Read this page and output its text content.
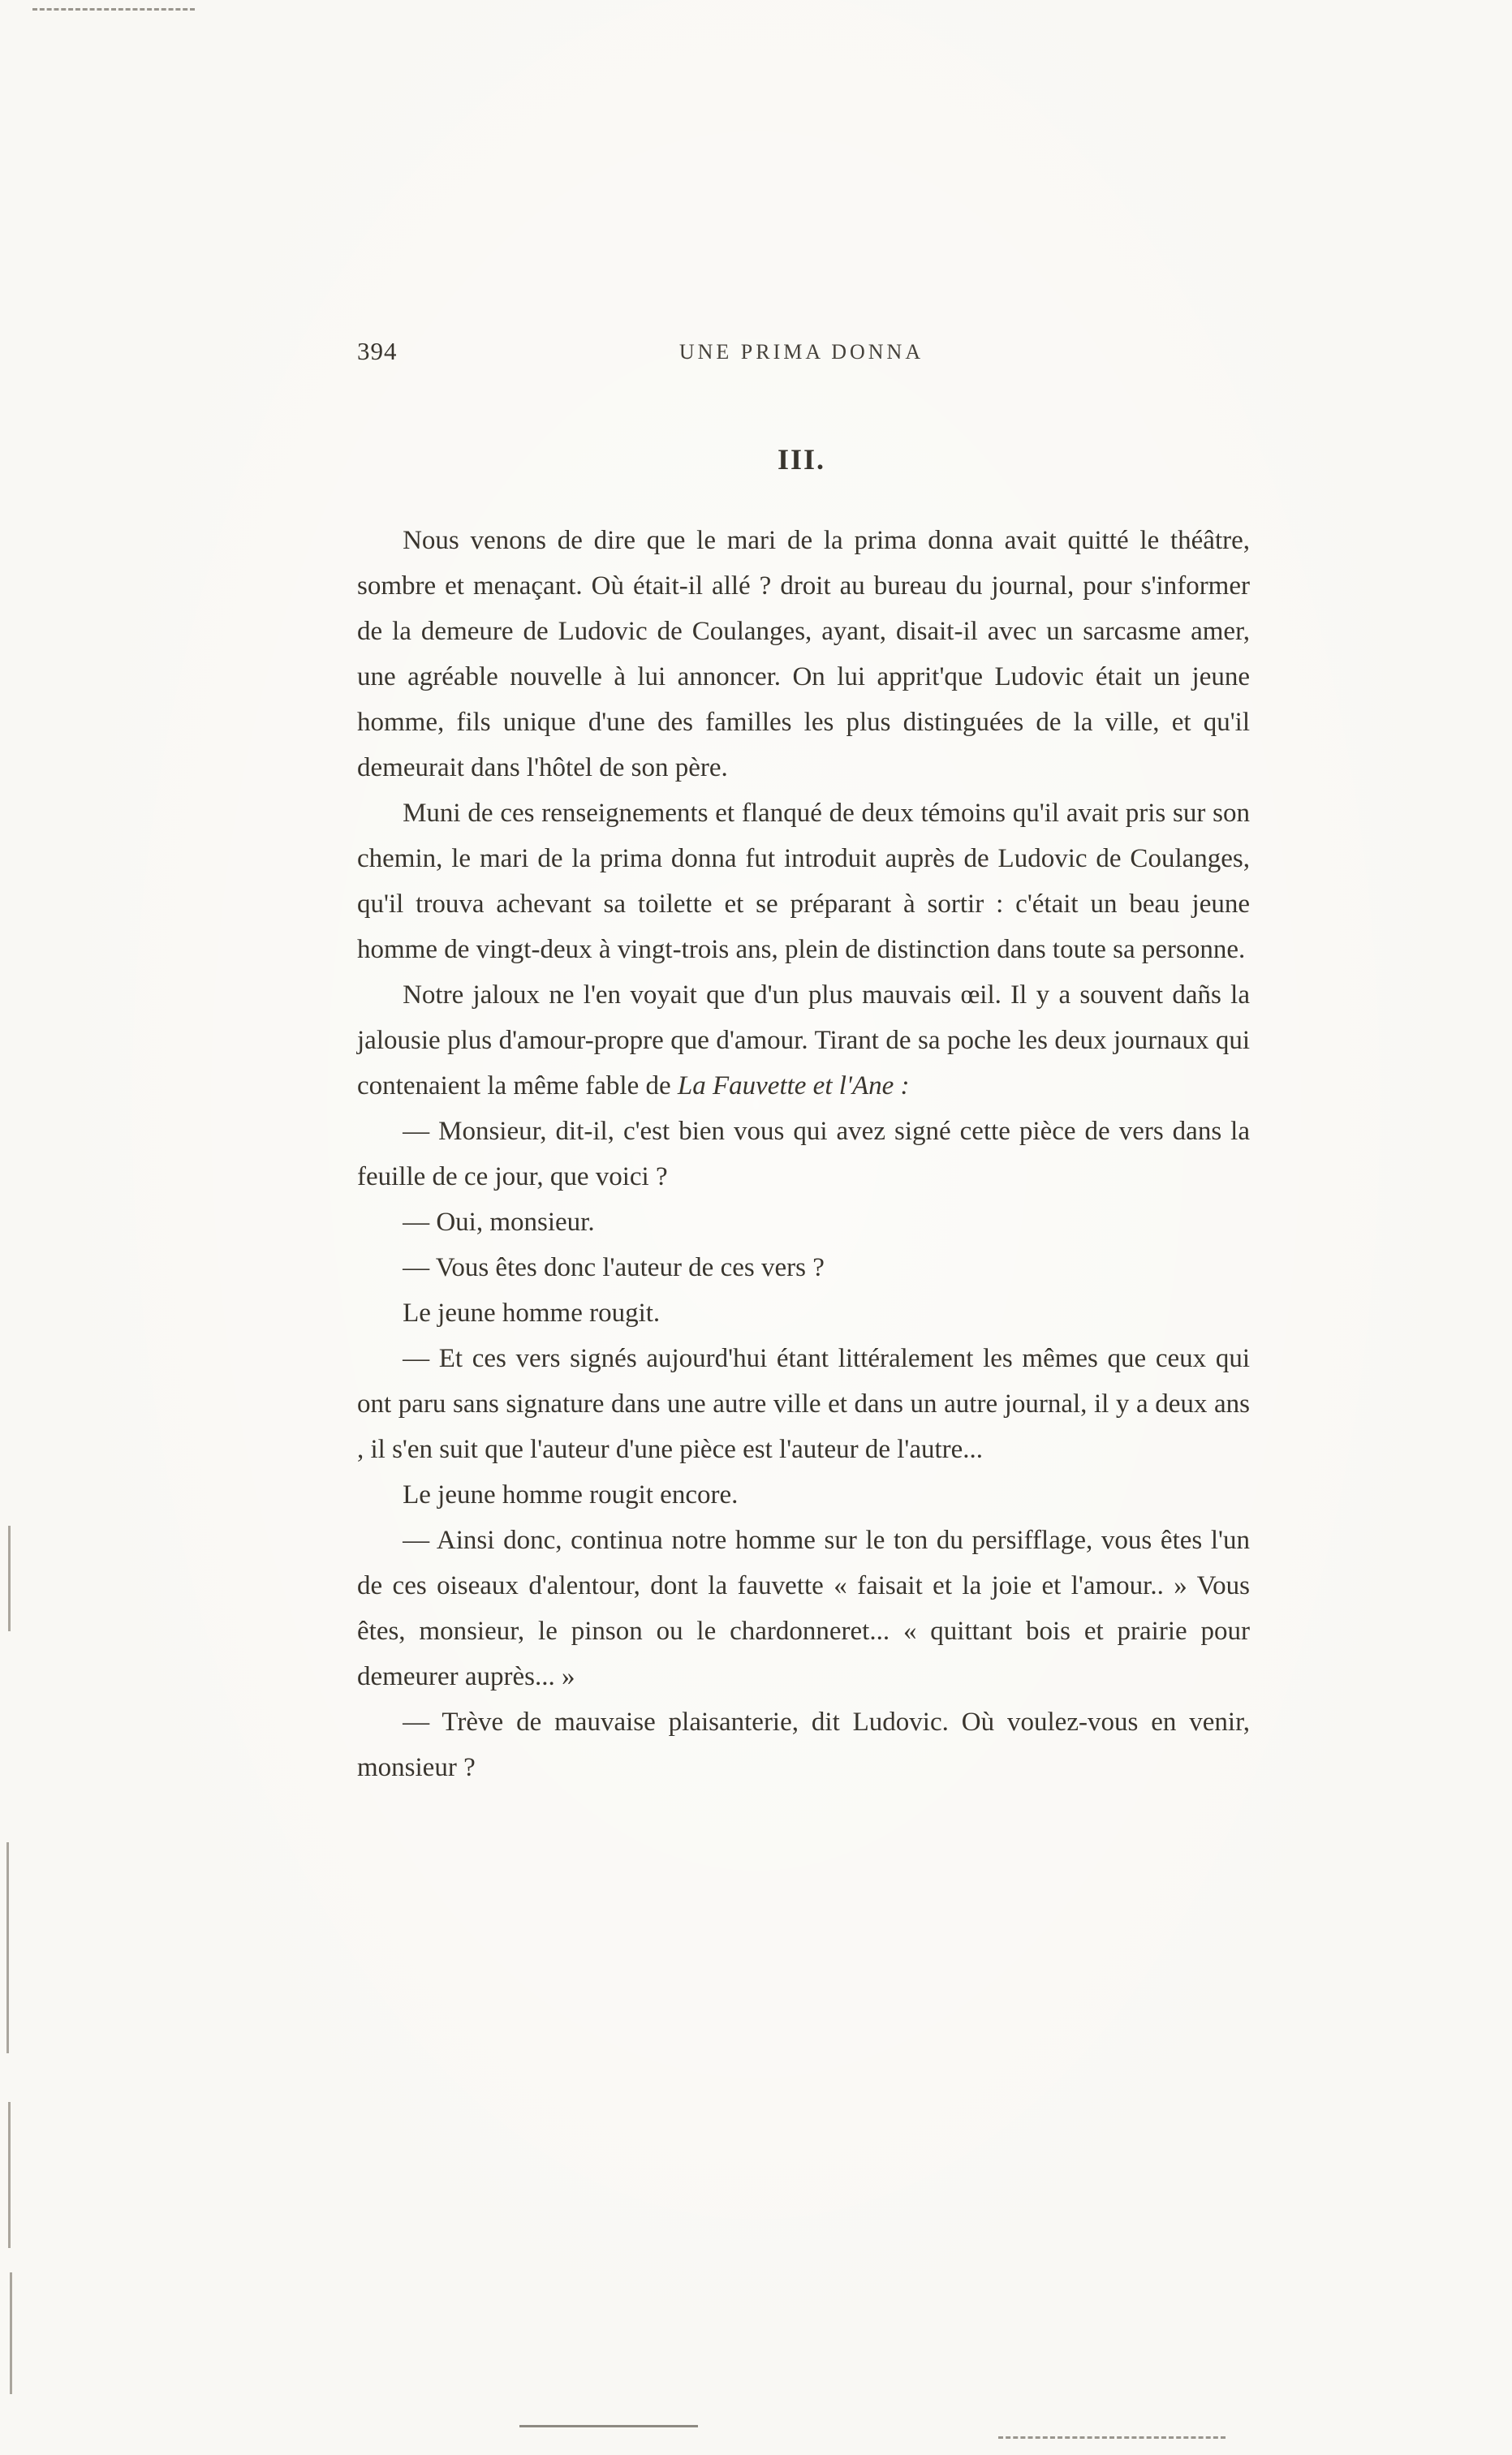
394	UNE PRIMA DONNA
III.

Nous venons de dire que le mari de la prima donna avait quitté le théâtre, sombre et menaçant. Où était-il allé ? droit au bureau du journal, pour s'informer de la demeure de Ludovic de Coulanges, ayant, disait-il avec un sarcasme amer, une agréable nouvelle à lui annoncer. On lui apprit'que Ludovic était un jeune homme, fils unique d'une des familles les plus distinguées de la ville, et qu'il demeurait dans l'hôtel de son père.

Muni de ces renseignements et flanqué de deux témoins qu'il avait pris sur son chemin, le mari de la prima donna fut introduit auprès de Ludovic de Coulanges, qu'il trouva achevant sa toilette et se préparant à sortir : c'était un beau jeune homme de vingt-deux à vingt-trois ans, plein de distinction dans toute sa personne.

Notre jaloux ne l'en voyait que d'un plus mauvais œil. Il y a souvent dañs la jalousie plus d'amour-propre que d'amour. Tirant de sa poche les deux journaux qui contenaient la même fable de La Fauvette et l'Ane :

— Monsieur, dit-il, c'est bien vous qui avez signé cette pièce de vers dans la feuille de ce jour, que voici ?

— Oui, monsieur.

— Vous êtes donc l'auteur de ces vers ?

Le jeune homme rougit.

— Et ces vers signés aujourd'hui étant littéralement les mêmes que ceux qui ont paru sans signature dans une autre ville et dans un autre journal, il y a deux ans , il s'en suit que l'auteur d'une pièce est l'auteur de l'autre...

Le jeune homme rougit encore.

— Ainsi donc, continua notre homme sur le ton du persifflage, vous êtes l'un de ces oiseaux d'alentour, dont la fauvette « faisait et la joie et l'amour.. » Vous êtes, monsieur, le pinson ou le chardonneret... « quittant bois et prairie pour demeurer auprès... »

— Trève de mauvaise plaisanterie, dit Ludovic. Où voulez-vous en venir, monsieur ?
